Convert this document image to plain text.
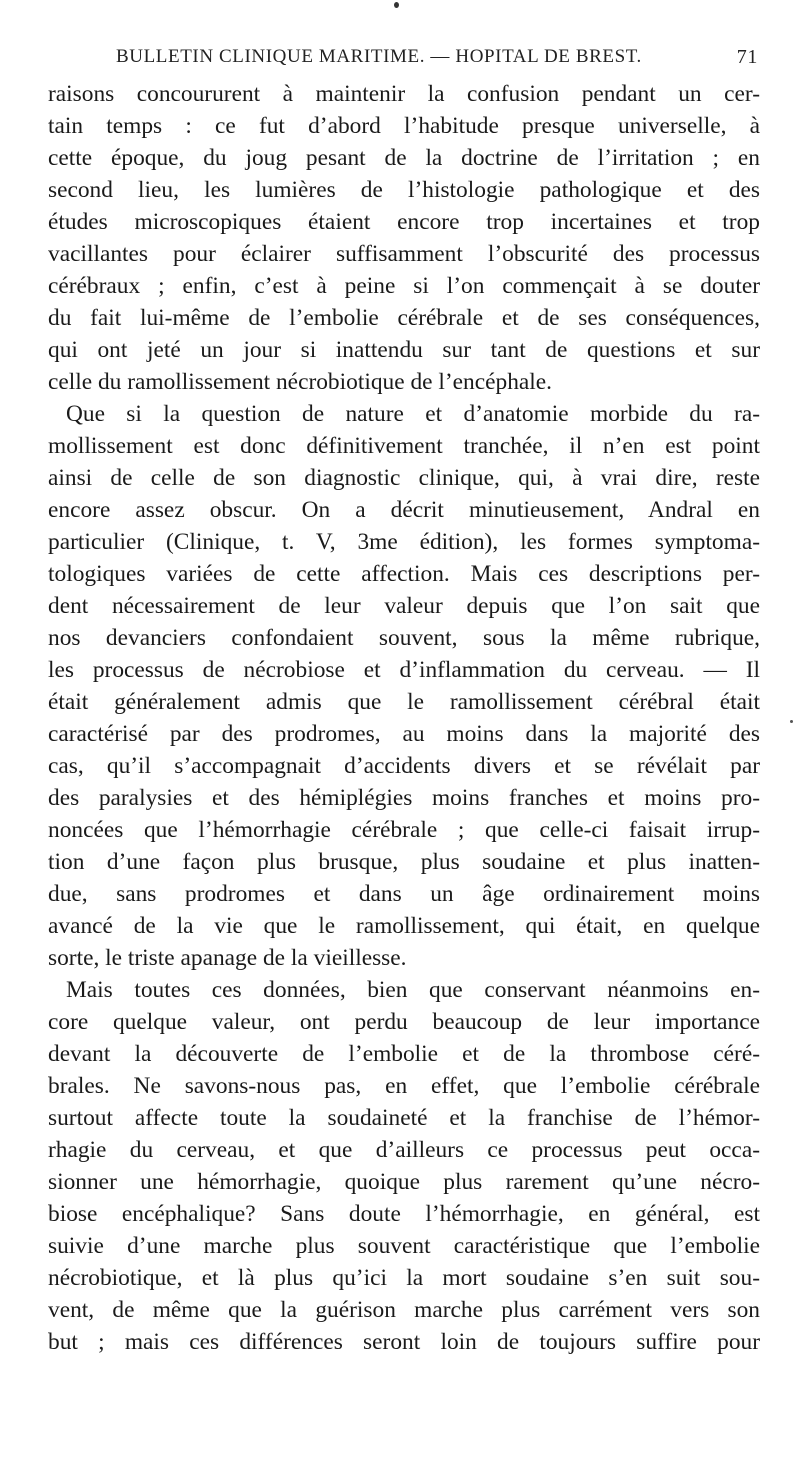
BULLETIN CLINIQUE MARITIME. — HOPITAL DE BREST.	71
raisons concoururent à maintenir la confusion pendant un cer-
tain temps : ce fut d’abord l’habitude presque universelle, à
cette époque, du joug pesant de la doctrine de l’irritation ; en
second lieu, les lumières de l’histologie pathologique et des
études microscopiques étaient encore trop incertaines et trop
vacillantes pour éclairer suffisamment l’obscurité des processus
cérébraux ; enfin, c’est à peine si l’on commençait à se douter
du fait lui-même de l’embolie cérébrale et de ses conséquences,
qui ont jeté un jour si inattendu sur tant de questions et sur
celle du ramollissement nécrobiotique de l’encéphale.
Que si la question de nature et d’anatomie morbide du ra-
mollissement est donc définitivement tranchée, il n’en est point
ainsi de celle de son diagnostic clinique, qui, à vrai dire, reste
encore assez obscur. On a décrit minutieusement, Andral en
particulier (Clinique, t. V, 3me édition), les formes symptoma-
tologiques variées de cette affection. Mais ces descriptions per-
dent nécessairement de leur valeur depuis que l’on sait que
nos devanciers confondaient souvent, sous la même rubrique,
les processus de nécrobiose et d’inflammation du cerveau. — Il
était généralement admis que le ramollissement cérébral était
caractérisé par des prodromes, au moins dans la majorité des
cas, qu’il s’accompagnait d’accidents divers et se révélait par
des paralysies et des hémiplégies moins franches et moins pro-
noncées que l’hémorrhagie cérébrale ; que celle-ci faisait irrup-
tion d’une façon plus brusque, plus soudaine et plus inatten-
due, sans prodromes et dans un âge ordinairement moins
avancé de la vie que le ramollissement, qui était, en quelque
sorte, le triste apanage de la vieillesse.
Mais toutes ces données, bien que conservant néanmoins en-
core quelque valeur, ont perdu beaucoup de leur importance
devant la découverte de l’embolie et de la thrombose céré-
brales. Ne savons-nous pas, en effet, que l’embolie cérébrale
surtout affecte toute la soudaineté et la franchise de l’hémor-
rhagie du cerveau, et que d’ailleurs ce processus peut occa-
sionner une hémorrhagie, quoique plus rarement qu’une nécro-
biose encéphalique? Sans doute l’hémorrhagie, en général, est
suivie d’une marche plus souvent caractéristique que l’embolie
nécrobiotique, et là plus qu’ici la mort soudaine s’en suit sou-
vent, de même que la guérison marche plus carrément vers son
but ; mais ces différences seront loin de toujours suffire pour
